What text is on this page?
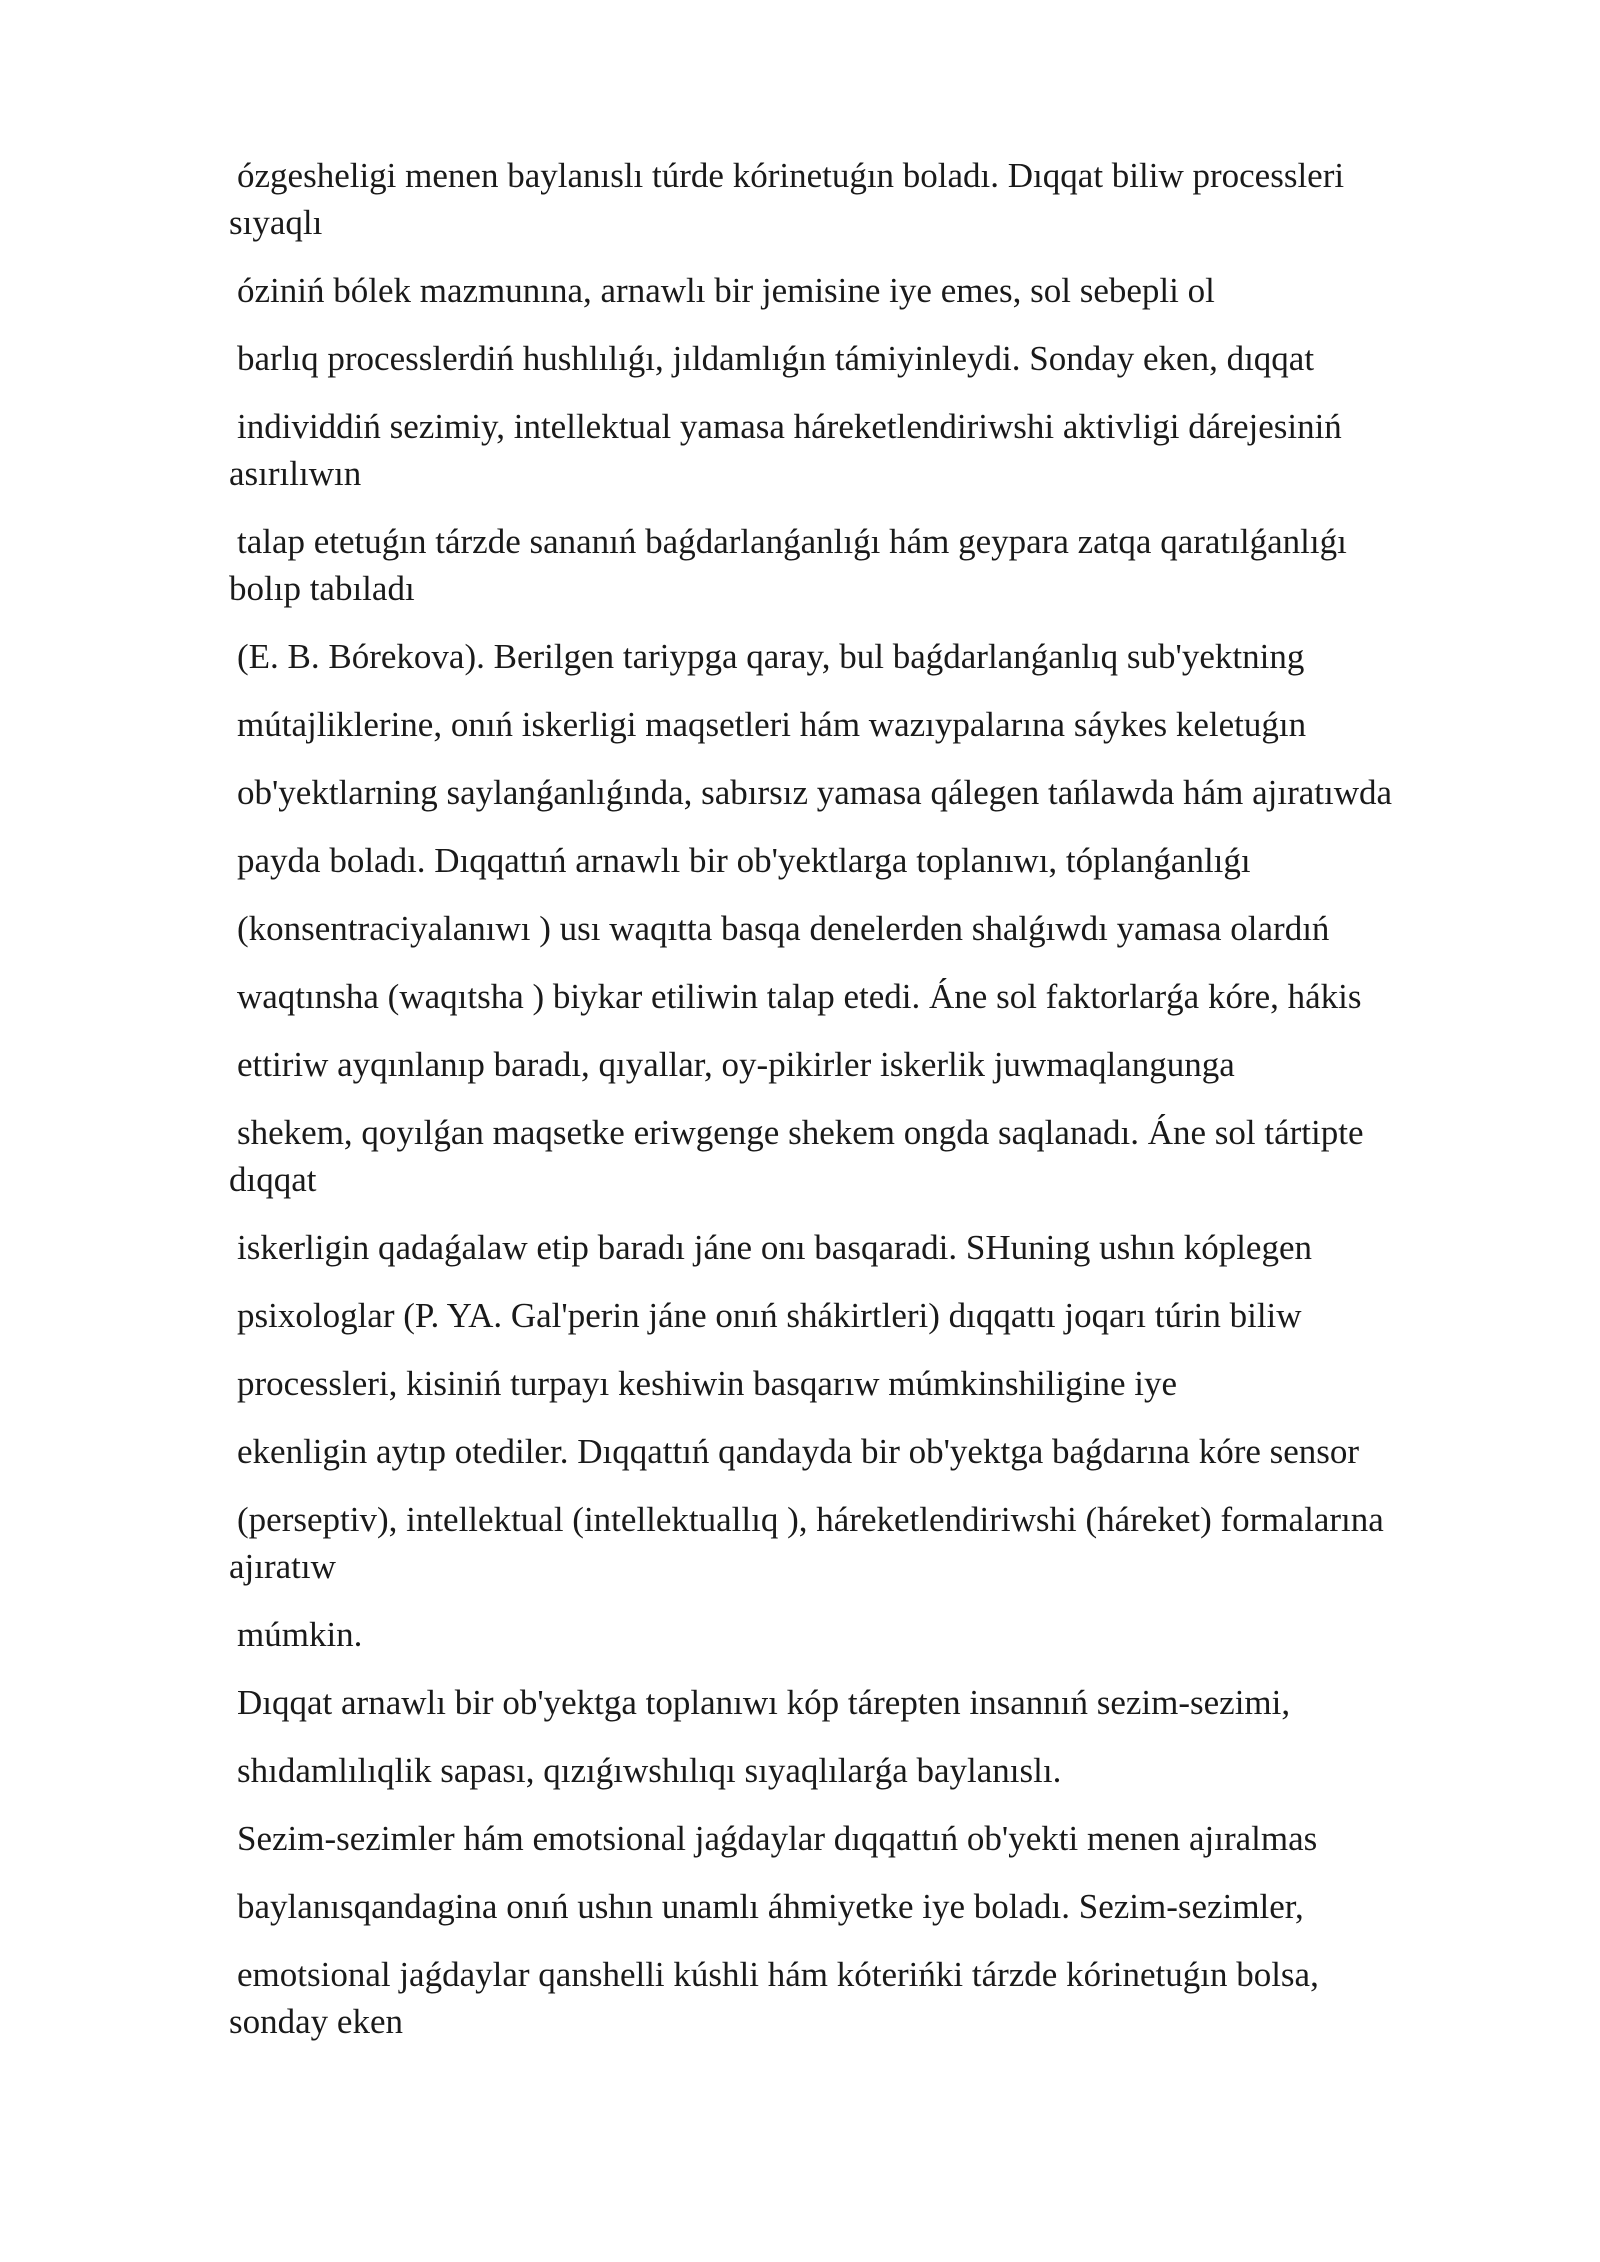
ózgesheligi menen baylanıslı túrde kórinetuǵın boladı. Dıqqat biliw processleri
sıyaqlı
óziniń bólek mazmunına, arnawlı bir jemisine iye emes, sol sebepli ol
barlıq processlerdiń hushlılıǵı, jıldamlıǵın támiyinleydi. Sonday eken, dıqqat
individdiń sezimiy, intellektual yamasa háreketlendiriwshi aktivligi dárejesiniń
asırılıwın
talap etetuǵın tárzde sananıń baǵdarlanǵanlıǵı hám geypara zatqa qaratılǵanlıǵı
bolıp tabıladı
(E. B. Bórekova). Berilgen tariypga qaray, bul baǵdarlanǵanlıq sub'yektning
mútajliklerine, onıń iskerligi maqsetleri hám wazıypalarına sáykes keletuǵın
ob'yektlarning saylanǵanlıǵında, sabırsız yamasa qálegen tańlawda hám ajıratıwda
payda boladı. Dıqqattıń arnawlı bir ob'yektlarga toplanıwı, tóplanǵanlıǵı
(konsentraciyalanıwı ) usı waqıtta basqa denelerden shalǵıwdı yamasa olardıń
waqtınsha (waqıtsha ) biykar etiliwin talap etedi. Áne sol faktorlarǵa kóre, hákis
ettiriw ayqınlanıp baradı, qıyallar, oy-pikirler iskerlik juwmaqlangunga
shekem, qoyılǵan maqsetke eriwgenge shekem ongda saqlanadı. Áne sol tártipte
dıqqat
iskerligin qadaǵalaw etip baradı jáne onı basqaradi. SHuning ushın kóplegen
psixologlar (P. YA. Gal'perin jáne onıń shákirtleri) dıqqattı joqarı túrin biliw
processleri, kisiniń turpayı keshiwin basqarıw múmkinshiligine iye
ekenligin aytıp otediler. Dıqqattıń qandayda bir ob'yektga baǵdarına kóre sensor
(perseptiv), intellektual (intellektuallıq ), háreketlendiriwshi (háreket) formalarına
ajıratıw
múmkin.
Dıqqat arnawlı bir ob'yektga toplanıwı kóp tárepten insannıń sezim-sezimi,
shıdamlılıqlik sapası, qızıǵıwshılıqı sıyaqlılarǵa baylanıslı.
Sezim-sezimler hám emotsional jaǵdaylar dıqqattıń ob'yekti menen ajıralmas
baylanısqandagina onıń ushın unamlı áhmiyetke iye boladı. Sezim-sezimler,
emotsional jaǵdaylar qanshelli kúshli hám kóterińki tárzde kórinetuǵın bolsa,
sonday eken
